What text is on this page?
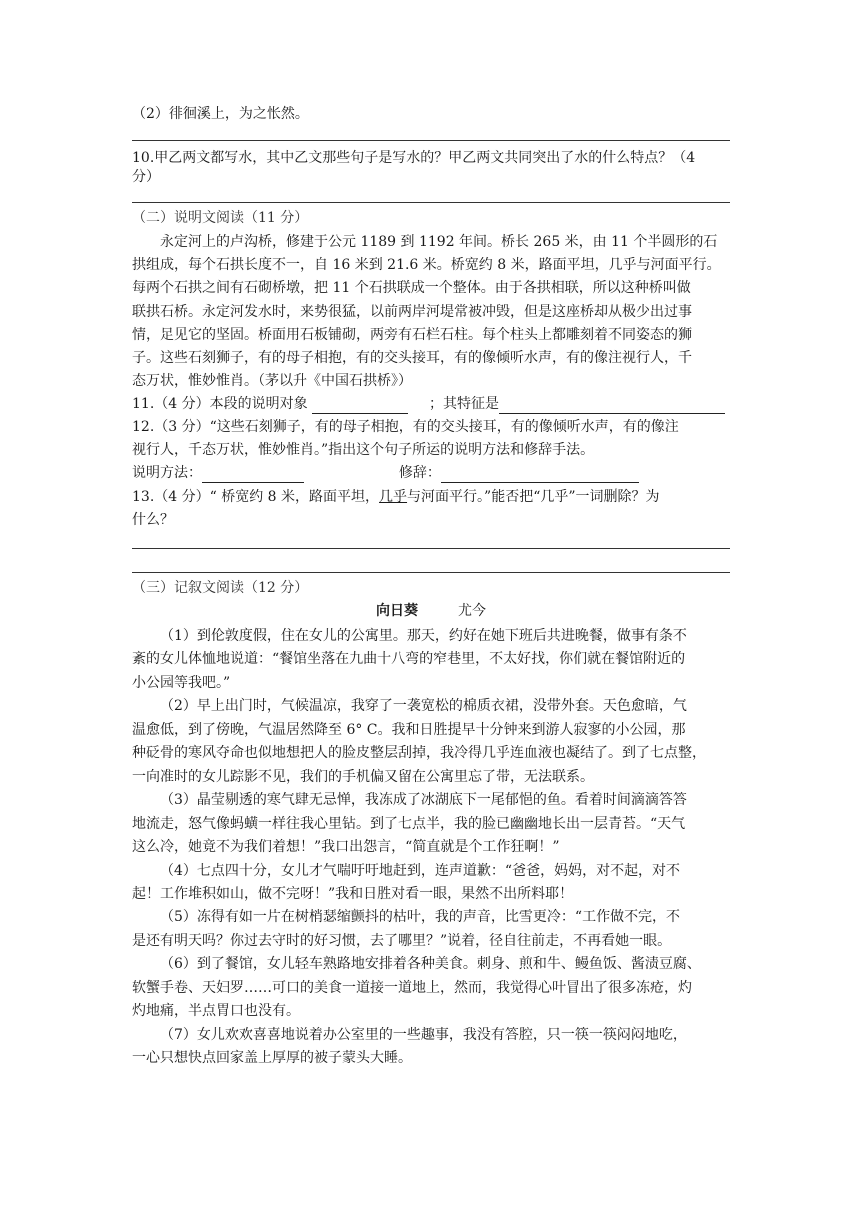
（2）徘徊溪上，为之怅然。
10.甲乙两文都写水，其中乙文那些句子是写水的？甲乙两文共同突出了水的什么特点？（4
分）
（二）说明文阅读（11 分）
永定河上的卢沟桥，修建于公元 1189 到 1192 年间。桥长 265 米，由 11 个半圆形的石
拱组成，每个石拱长度不一，自 16 米到 21.6 米。桥宽约 8 米，路面平坦，几乎与河面平行。
每两个石拱之间有石砌桥墩，把 11 个石拱联成一个整体。由于各拱相联，所以这种桥叫做
联拱石桥。永定河发水时，来势很猛，以前两岸河堤常被冲毁，但是这座桥却从极少出过事
情，足见它的坚固。桥面用石板铺砌，两旁有石栏石柱。每个柱头上都雕刻着不同姿态的狮
子。这些石刻狮子，有的母子相抱，有的交头接耳，有的像倾听水声，有的像注视行人，千
态万状，惟妙惟肖。（茅以升《中国石拱桥》）
11.（4 分）本段的说明对象	；其特征是
12.（3 分）“这些石刻狮子，有的母子相抱，有的交头接耳，有的像倾听水声，有的像注
视行人，千态万状，惟妙惟肖。”指出这个句子所运的说明方法和修辞手法。
说明方法：	修辞：
13.（4 分）“ 桥宽约 8 米，路面平坦，几乎与河面平行。”能否把“几乎”一词删除？为
什么？
（三）记叙文阅读（12 分）
向日葵	尤今
（1）到伦敦度假，住在女儿的公寓里。那天，约好在她下班后共进晚餐，做事有条不
紊的女儿体恤地说道：“餐馆坐落在九曲十八弯的窄巷里，不太好找，你们就在餐馆附近的
小公园等我吧。”
（2）早上出门时，气候温凉，我穿了一袭宽松的棉质衣裙，没带外套。天色愈暗，气
温愈低，到了傍晚，气温居然降至 6° C。我和日胜提早十分钟来到游人寂寥的小公园，那
种砭骨的寒风夺命也似地想把人的脸皮整层刮掉，我冷得几乎连血液也凝结了。到了七点整，
一向准时的女儿踪影不见，我们的手机偏又留在公寓里忘了带，无法联系。
（3）晶莹剔透的寒气肆无忌惮，我冻成了冰湖底下一尾郁悒的鱼。看着时间滴滴答答
地流走，怒气像蚂蟥一样往我心里钻。到了七点半，我的脸已幽幽地长出一层青苔。“天气
这么冷，她竟不为我们着想！”我口出怨言，“简直就是个工作狂啊！”
（4）七点四十分，女儿才气喘吁吁地赶到，连声道歉：“爸爸，妈妈，对不起，对不
起！工作堆积如山，做不完呀！”我和日胜对看一眼，果然不出所料耶！
（5）冻得有如一片在树梢瑟缩颤抖的枯叶，我的声音，比雪更冷：“工作做不完，不
是还有明天吗？你过去守时的好习惯，去了哪里？”说着，径自往前走，不再看她一眼。
（6）到了餐馆，女儿轻车熟路地安排着各种美食。刺身、煎和牛、鳗鱼饭、酱渍豆腐、
软蟹手卷、天妇罗……可口的美食一道接一道地上，然而，我觉得心叶冒出了很多冻疮，灼
灼地痛，半点胃口也没有。
（7）女儿欢欢喜喜地说着办公室里的一些趣事，我没有答腔，只一筷一筷闷闷地吃，
一心只想快点回家盖上厚厚的被子蒙头大睡。
